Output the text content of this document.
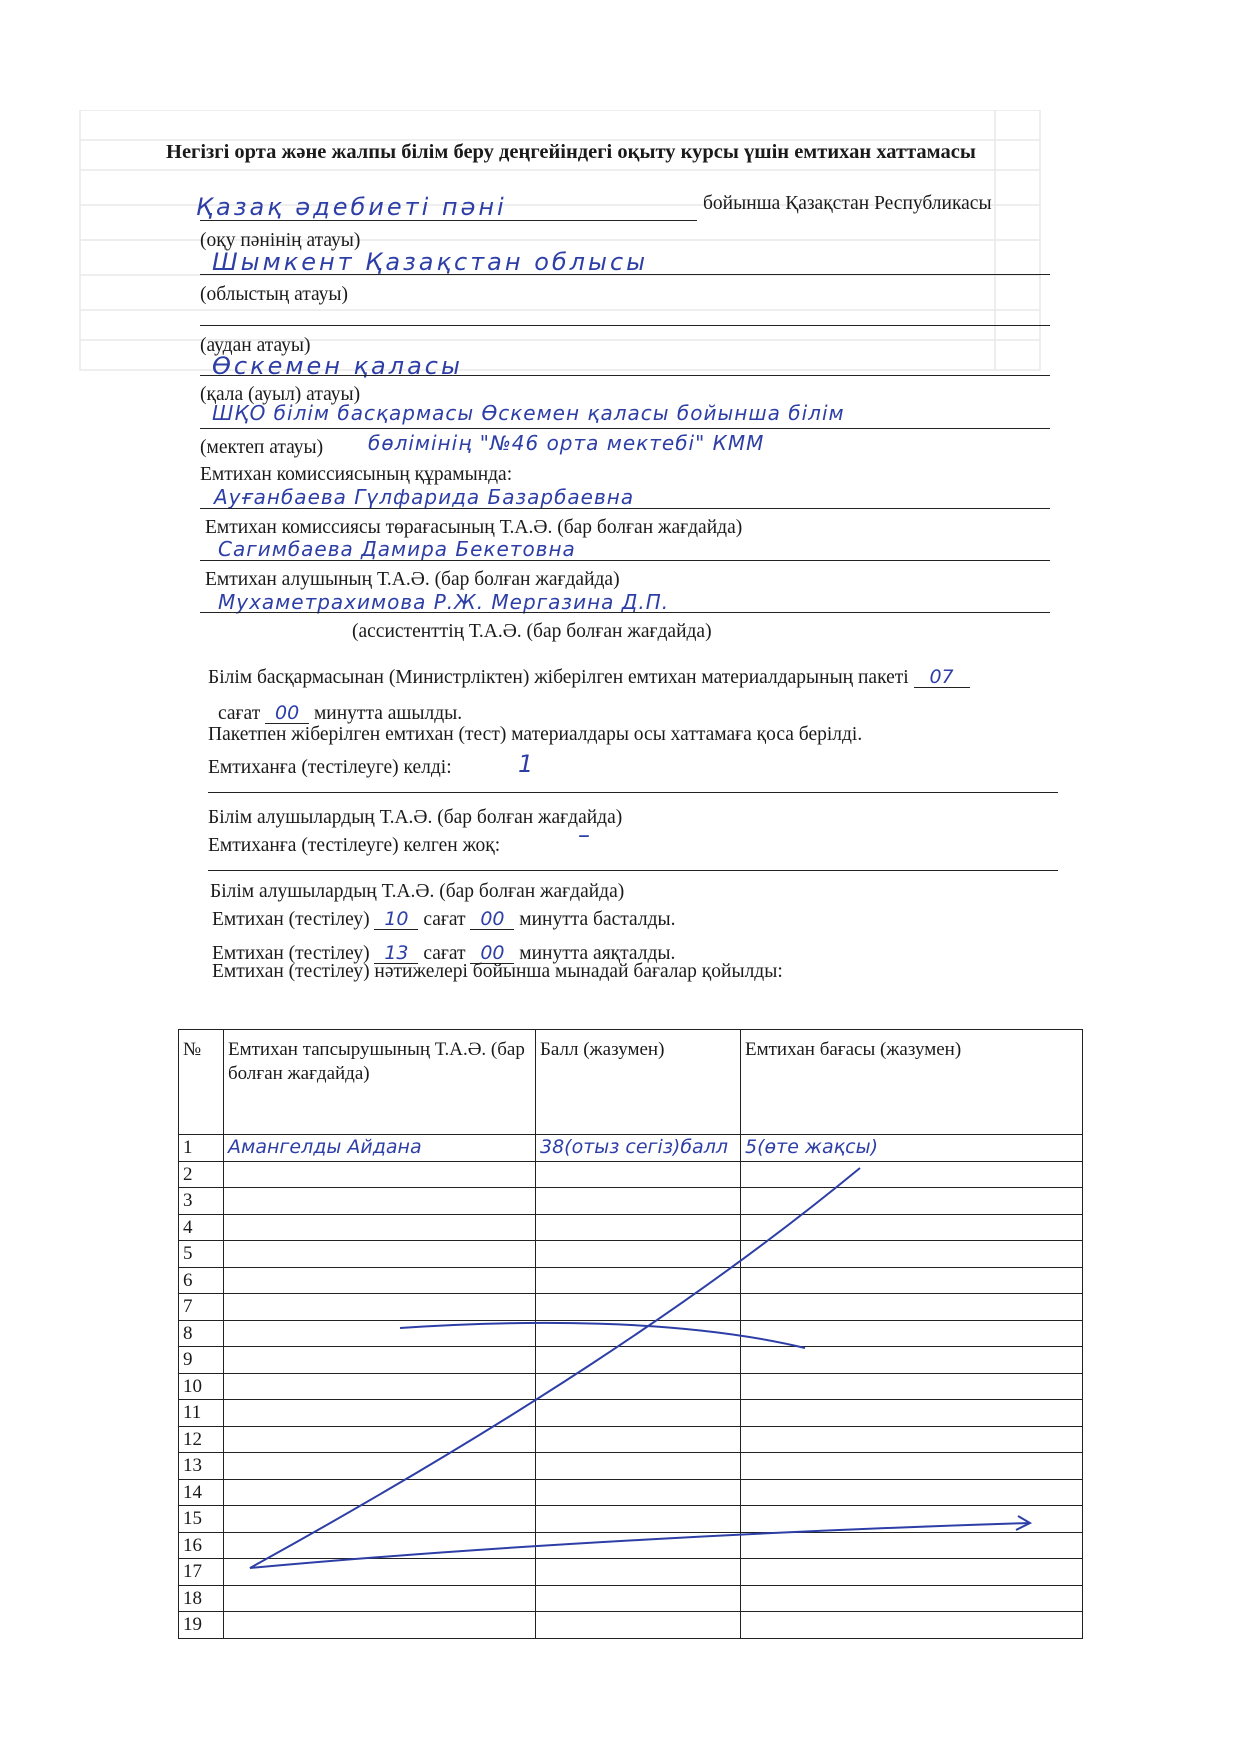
Негізгі орта және жалпы білім беру деңгейіндегі оқыту курсы үшін емтихан хаттамасы
Қазақ әдебиеті пәні	бойынша Қазақстан Республикасы
(оқу пәнінің атауы)
Шымкент Қазақстан облысы
(облыстың атауы)
(аудан атауы)
Өскемен қаласы
(қала (ауыл) атауы)
ШҚО білім басқармасы Өскемен қаласы бойынша білім
(мектеп атауы) бөлімінің "№46 орта мектебі" КММ
Емтихан комиссиясының құрамында:
Ауғанбаева Гүлфарида Базарбаевна
Емтихан комиссиясы төрағасының Т.А.Ә. (бар болған жағдайда)
Сагимбаева Дамира Бекетовна
Емтихан алушының Т.А.Ә. (бар болған жағдайда)
Мухаметрахимова Р.Ж. Мергазина Д.П.
(ассистенттің Т.А.Ә. (бар болған жағдайда)
Білім басқармасынан (Министрліктен) жіберілген емтихан материалдарының пакеті 07
сағат 00 минутта ашылды.
Пакетпен жіберілген емтихан (тест) материалдары осы хаттамаға қоса берілді.
Емтиханға (тестілеуге) келді:	1
Білім алушылардың Т.А.Ә. (бар болған жағдайда)
Емтиханға (тестілеуге) келген жоқ:	–
Білім алушылардың Т.А.Ә. (бар болған жағдайда)
Емтихан (тестілеу) 10 сағат 00 минутта басталды.
Емтихан (тестілеу) 13 сағат 00 минутта аяқталды.
Емтихан (тестілеу) нәтижелері бойынша мынадай бағалар қойылды:
№	Емтихан тапсырушының Т.А.Ә. (бар болған жағдайда)	Балл (жазумен)	Емтихан бағасы (жазумен)
1	Амангелды Айдана	38(отыз сегіз)балл	5(өте жақсы)
2			
3			
4			
5			
6			
7			
8			
9			
10			
11			
12			
13			
14			
15			
16			
17			
18			
19			
